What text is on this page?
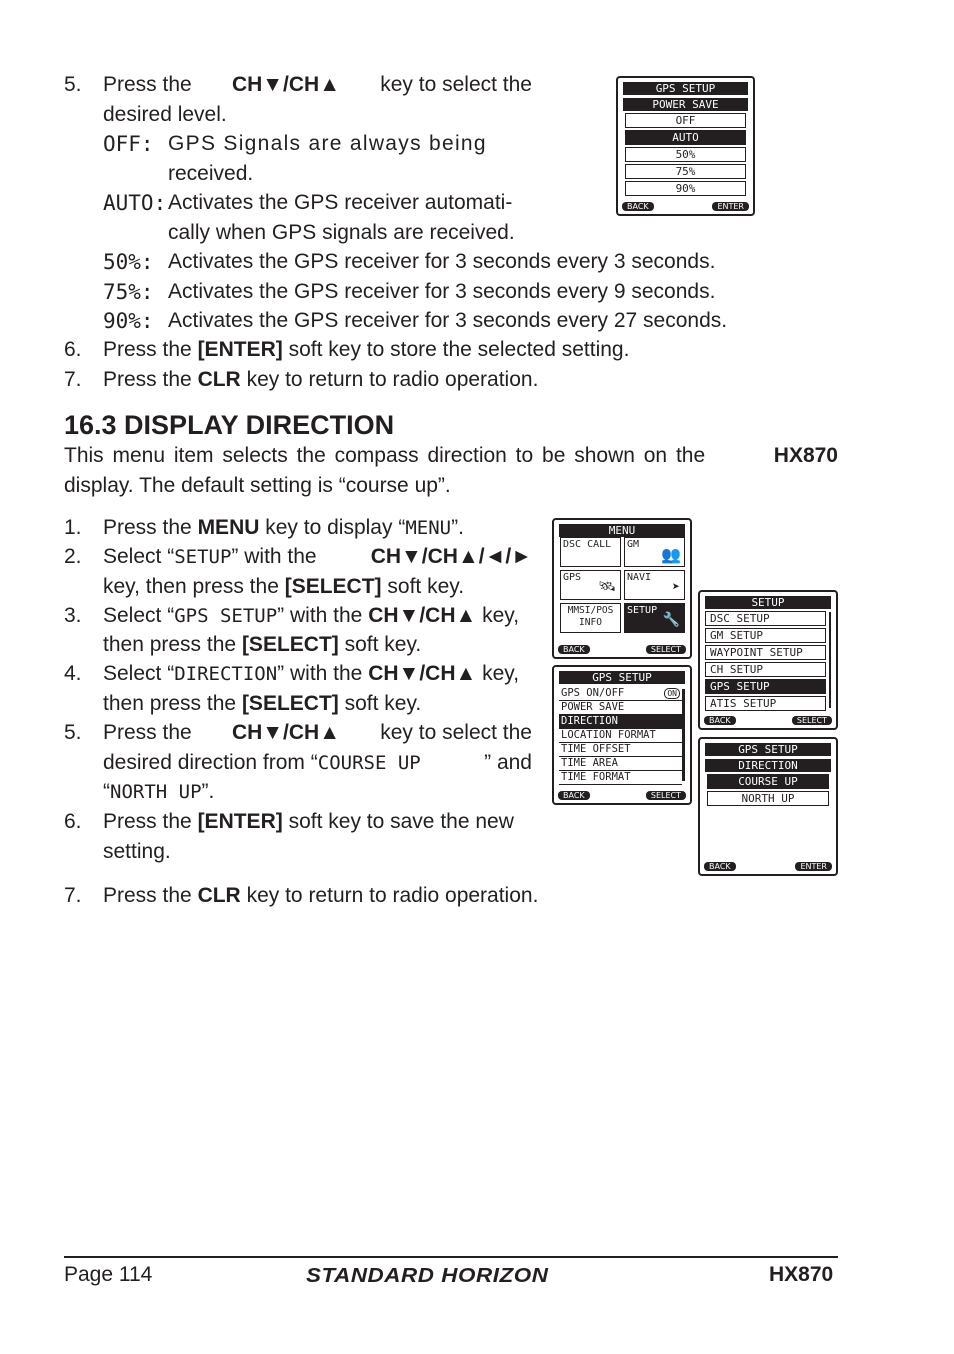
5. Press the CH▼/CH▲ key to select the
desired level.
OFF: GPS Signals are always being
received.
AUTO: Activates the GPS receiver automati-
cally when GPS signals are received.
50%: Activates the GPS receiver for 3 seconds every 3 seconds.
75%: Activates the GPS receiver for 3 seconds every 9 seconds.
90%: Activates the GPS receiver for 3 seconds every 27 seconds.
6. Press the [ENTER] soft key to store the selected setting.
7. Press the CLR key to return to radio operation.
GPS SETUP
POWER SAVE
OFF
AUTO
50%
75%
90%
BACK	ENTER
16.3 DISPLAY DIRECTION
This menu item selects the compass direction to be shown on the	HX870
display. The default setting is “course up”.
1. Press the MENU key to display “MENU”.
2. Select “SETUP” with the	CH▼/CH▲/◄/►
key, then press the [SELECT] soft key.
3. Select “GPS SETUP” with the CH▼/CH▲ key,
then press the [SELECT] soft key.
4. Select “DIRECTION” with the CH▼/CH▲ key,
then press the [SELECT] soft key.
5. Press the CH▼/CH▲ key to select the
desired direction from “COURSE UP	” and
“NORTH UP”.
6. Press the [ENTER] soft key to save the new
setting.
7. Press the CLR key to return to radio operation.
MENU
DSC CALL	GM
👥
GPS
🛰
NAVI
➤
MMSI/POS INFO
SETUP
🔧
BACK	SELECT
GPS SETUP
GPS ON/OFF	ON
POWER SAVE
DIRECTION
LOCATION FORMAT
TIME OFFSET
TIME AREA
TIME FORMAT
BACK	SELECT
SETUP
DSC SETUP
GM SETUP
WAYPOINT SETUP
CH SETUP
GPS SETUP
ATIS SETUP
BACK	SELECT
GPS SETUP
DIRECTION
COURSE UP
NORTH UP
BACK	ENTER
Page 114	STANDARD HORIZON	HX870
